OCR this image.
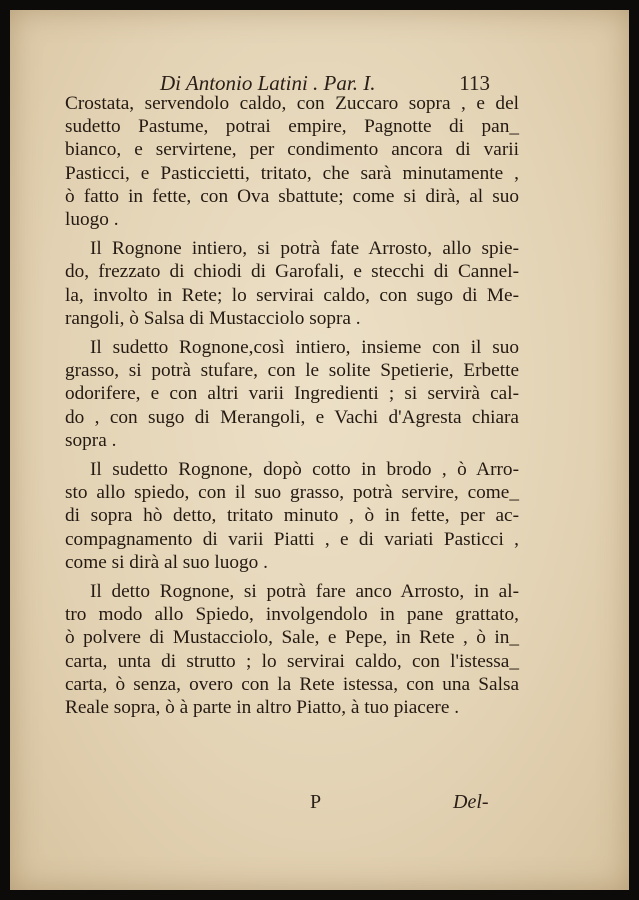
Di Antonio Latini . Par. I.	113
Crostata, servendolo caldo, con Zuccaro sopra , e del
sudetto Pastume, potrai empire, Pagnotte di pan_
bianco, e servirtene, per condimento ancora di varii
Pasticci, e Pasticcietti, tritato, che sarà minutamente ,
ò fatto in fette, con Ova sbattute; come si dirà, al suo
luogo .
Il Rognone intiero, si potrà fate Arrosto, allo spie-
do, frezzato di chiodi di Garofali, e stecchi di Cannel-
la, involto in Rete; lo servirai caldo, con sugo di Me-
rangoli, ò Salsa di Mustacciolo sopra .
Il sudetto Rognone,così intiero, insieme con il suo
grasso, si potrà stufare, con le solite Spetierie, Erbette
odorifere, e con altri varii Ingredienti ; si servirà cal-
do , con sugo di Merangoli, e Vachi d'Agresta chiara
sopra .
Il sudetto Rognone, dopò cotto in brodo , ò Arro-
sto allo spiedo, con il suo grasso, potrà servire, come_
di sopra hò detto, tritato minuto , ò in fette, per ac-
compagnamento di varii Piatti , e di variati Pasticci ,
come si dirà al suo luogo .
Il detto Rognone, si potrà fare anco Arrosto, in al-
tro modo allo Spiedo, involgendolo in pane grattato,
ò polvere di Mustacciolo, Sale, e Pepe, in Rete , ò in_
carta, unta di strutto ; lo servirai caldo, con l'istessa_
carta, ò senza, overo con la Rete istessa, con una Salsa
Reale sopra, ò à parte in altro Piatto, à tuo piacere .
P	Del-
